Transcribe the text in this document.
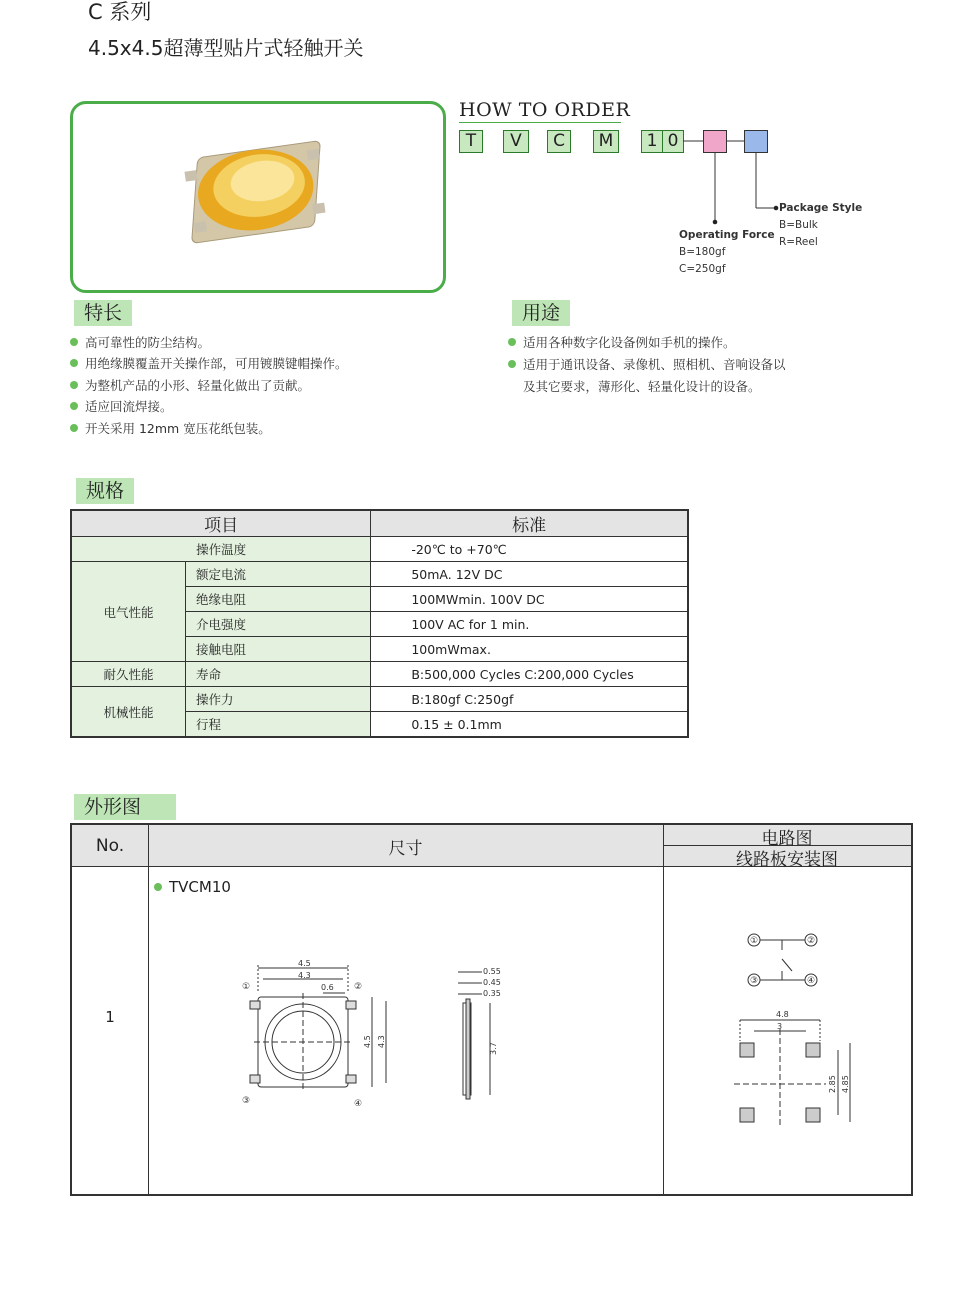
C 系列
4.5x4.5超薄型贴片式轻触开关
HOW TO ORDER
T	V	C	M	1 0
Package Style
B=Bulk
R=Reel
Operating Force
B=180gf
C=250gf
特长
高可靠性的防尘结构。
用绝缘膜覆盖开关操作部，可用镀膜键帽操作。
为整机产品的小形、轻量化做出了贡献。
适应回流焊接。
开关采用 12mm 宽压花纸包装。
用途
适用各种数字化设备例如手机的操作。
适用于通讯设备、录像机、照相机、音响设备以
及其它要求，薄形化、轻量化设计的设备。
规格
项目		标准
操作温度		-20℃ to +70℃
电气性能	额定电流	50mA. 12V DC
	绝缘电阻	100MWmin. 100V DC
	介电强度	100V AC for 1 min.
	接触电阻	100mWmax.
耐久性能	寿命	B:500,000 Cycles C:200,000 Cycles
机械性能	操作力	B:180gf C:250gf
	行程	0.15 ± 0.1mm
外形图
No.	尺寸	电路图
线路板安装图
1
TVCM10
4.5
4.3
0.6
4.5 4.3
①	②
③	④
0.55
0.45
0.35
3.7
①	②
③	④
4.8
3
2.85 4.85
